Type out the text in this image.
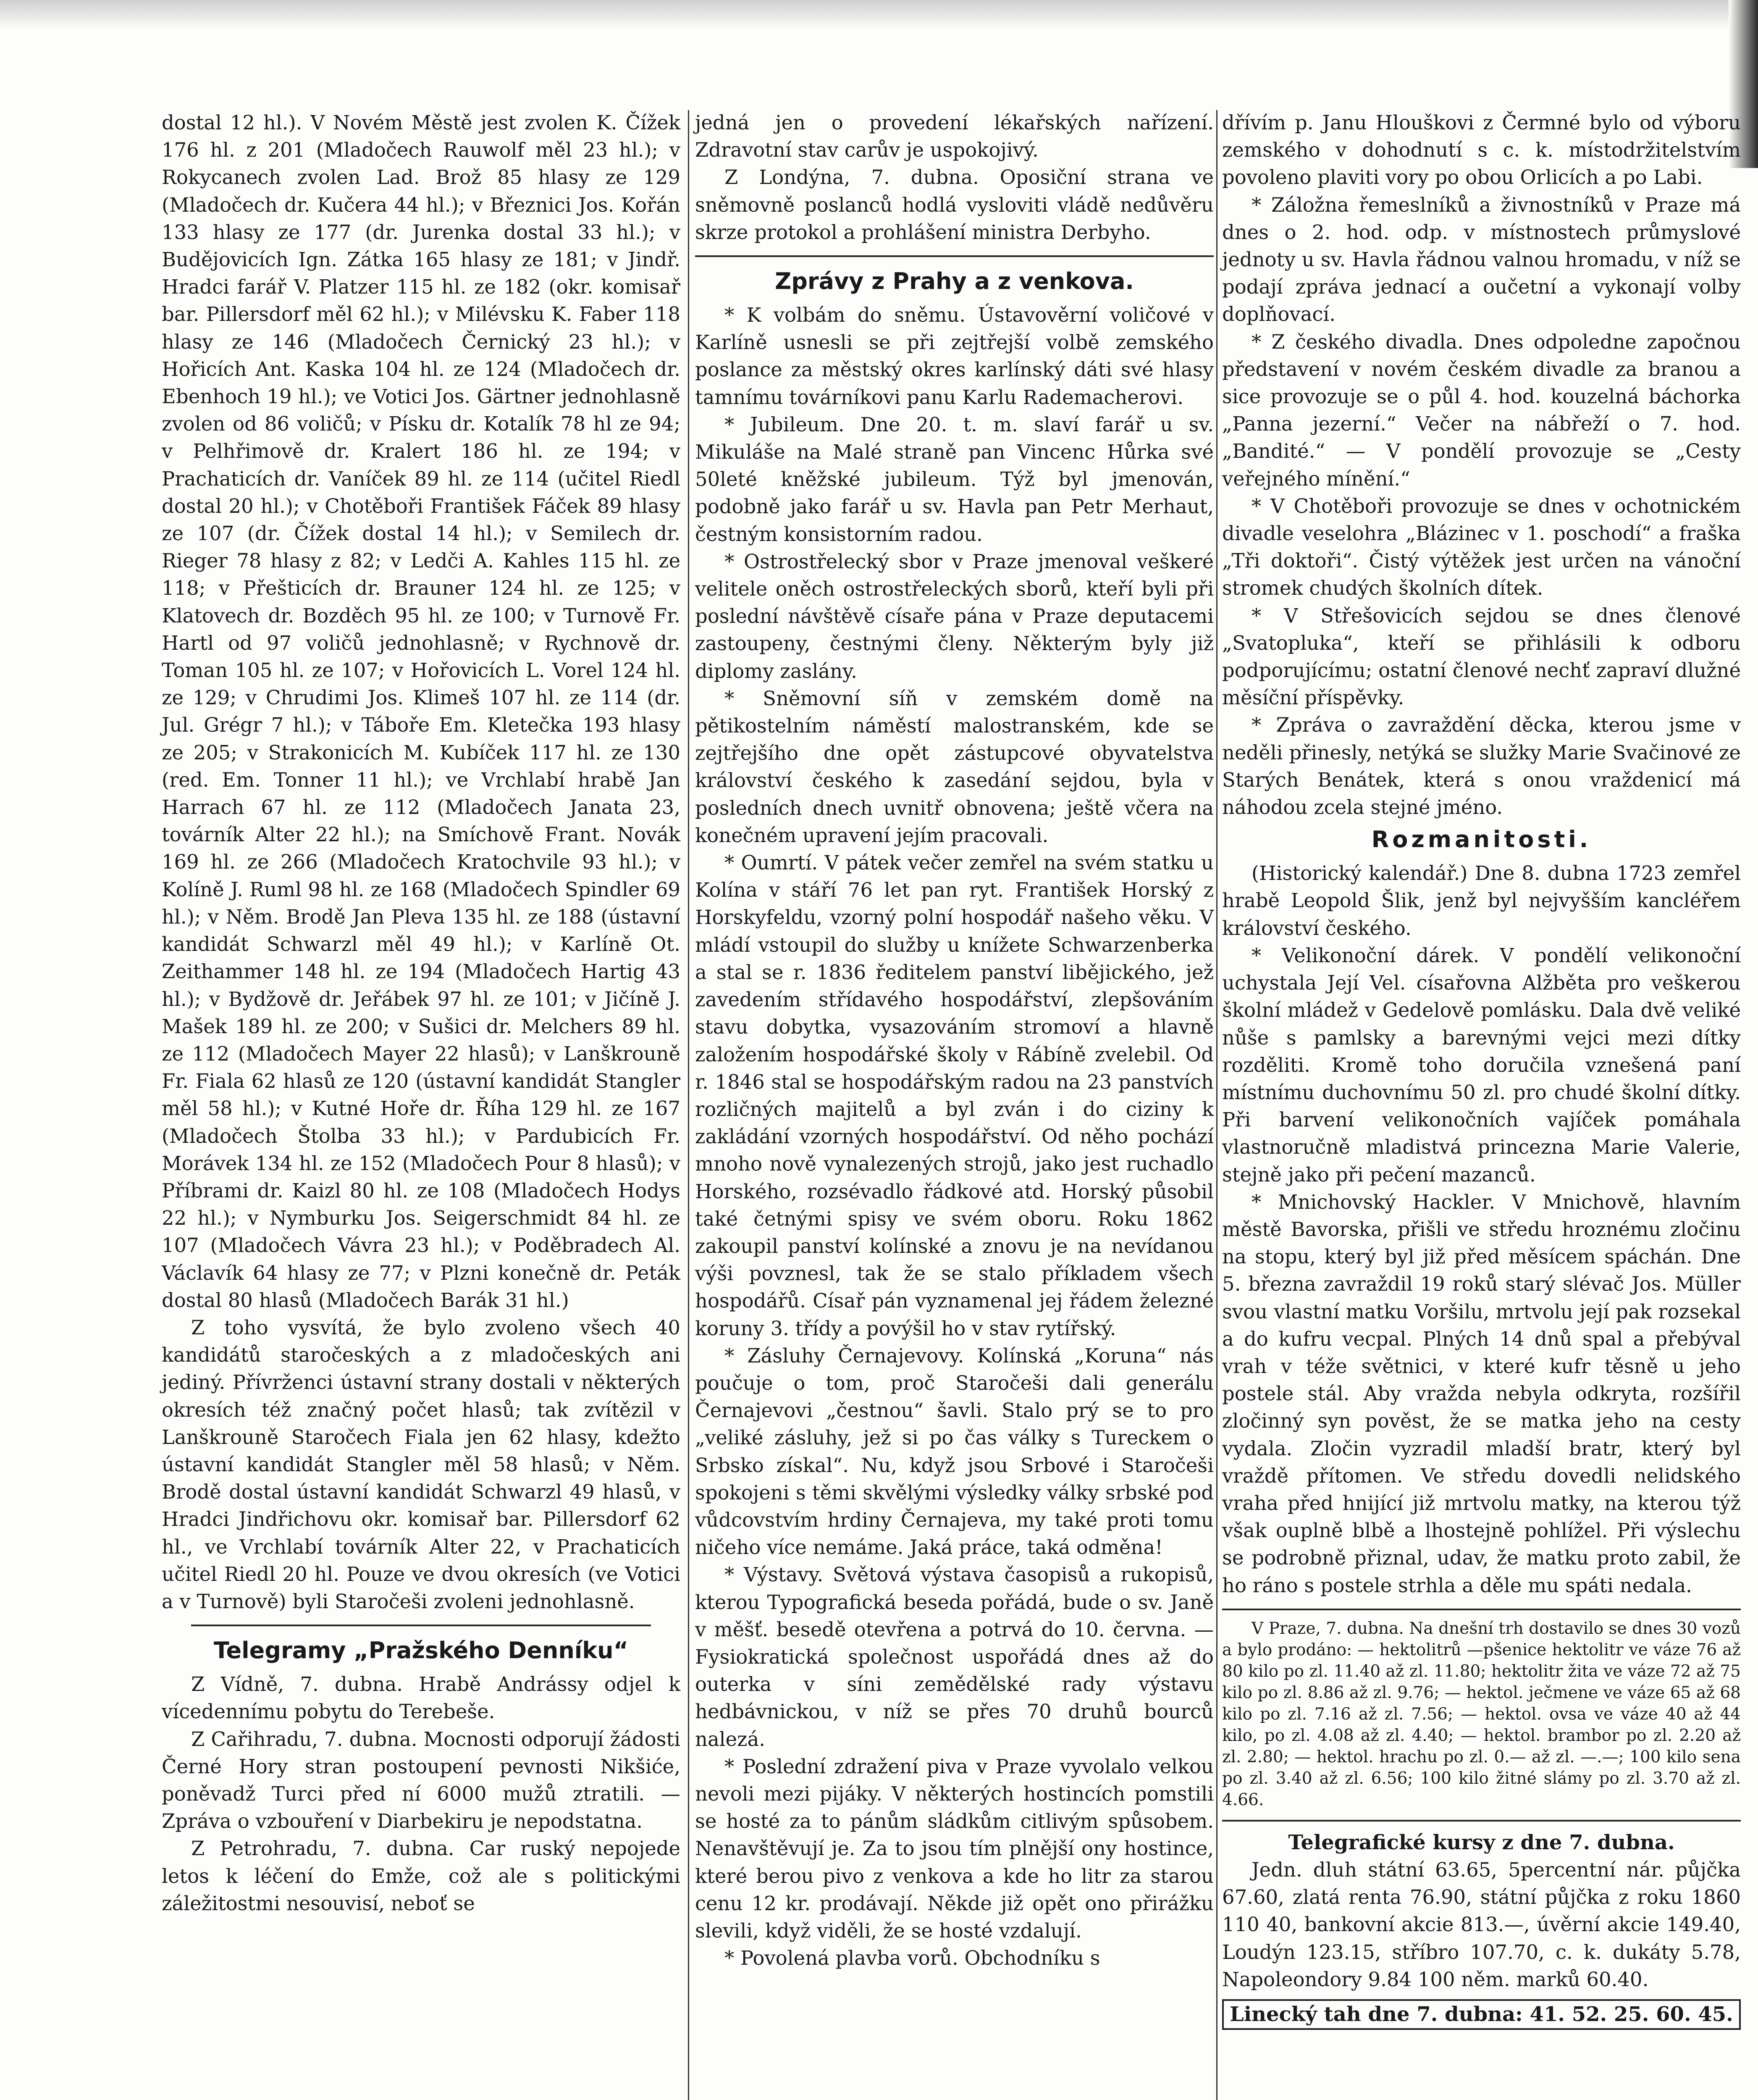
dostal 12 hl.). V Novém Městě jest zvolen K. Čížek 176 hl. z 201 (Mladočech Rauwolf měl 23 hl.); v Rokycanech zvolen Lad. Brož 85 hlasy ze 129 (Mladočech dr. Kučera 44 hl.); v Březnici Jos. Kořán 133 hlasy ze 177 (dr. Jurenka dostal 33 hl.); v Budějovicích Ign. Zátka 165 hlasy ze 181; v Jindř. Hradci farář V. Platzer 115 hl. ze 182 (okr. komisař bar. Pillersdorf měl 62 hl.); v Milévsku K. Faber 118 hlasy ze 146 (Mladočech Černický 23 hl.); v Hořicích Ant. Kaska 104 hl. ze 124 (Mladočech dr. Ebenhoch 19 hl.); ve Votici Jos. Gärtner jednohlasně zvolen od 86 voličů; v Písku dr. Kotalík 78 hl ze 94; v Pelhřimově dr. Kralert 186 hl. ze 194; v Prachaticích dr. Vaníček 89 hl. ze 114 (učitel Riedl dostal 20 hl.); v Chotěboři František Fáček 89 hlasy ze 107 (dr. Čížek dostal 14 hl.); v Semilech dr. Rieger 78 hlasy z 82; v Ledči A. Kahles 115 hl. ze 118; v Přešticích dr. Brauner 124 hl. ze 125; v Klatovech dr. Bozděch 95 hl. ze 100; v Turnově Fr. Hartl od 97 voličů jednohlasně; v Rychnově dr. Toman 105 hl. ze 107; v Hořovicích L. Vorel 124 hl. ze 129; v Chrudimi Jos. Klimeš 107 hl. ze 114 (dr. Jul. Grégr 7 hl.); v Táboře Em. Kletečka 193 hlasy ze 205; v Strakonicích M. Kubíček 117 hl. ze 130 (red. Em. Tonner 11 hl.); ve Vrchlabí hrabě Jan Harrach 67 hl. ze 112 (Mladočech Janata 23, továrník Alter 22 hl.); na Smíchově Frant. Novák 169 hl. ze 266 (Mladočech Kratochvile 93 hl.); v Kolíně J. Ruml 98 hl. ze 168 (Mladočech Spindler 69 hl.); v Něm. Brodě Jan Pleva 135 hl. ze 188 (ústavní kandidát Schwarzl měl 49 hl.); v Karlíně Ot. Zeithammer 148 hl. ze 194 (Mladočech Hartig 43 hl.); v Bydžově dr. Jeřábek 97 hl. ze 101; v Jičíně J. Mašek 189 hl. ze 200; v Sušici dr. Melchers 89 hl. ze 112 (Mladočech Mayer 22 hlasů); v Lanškrouně Fr. Fiala 62 hlasů ze 120 (ústavní kandidát Stangler měl 58 hl.); v Kutné Hoře dr. Říha 129 hl. ze 167 (Mladočech Štolba 33 hl.); v Pardubicích Fr. Morávek 134 hl. ze 152 (Mladočech Pour 8 hlasů); v Příbrami dr. Kaizl 80 hl. ze 108 (Mladočech Hodys 22 hl.); v Nymburku Jos. Seigerschmidt 84 hl. ze 107 (Mladočech Vávra 23 hl.); v Poděbradech Al. Václavík 64 hlasy ze 77; v Plzni konečně dr. Peták dostal 80 hlasů (Mladočech Barák 31 hl.)

Z toho vysvítá, že bylo zvoleno všech 40 kandidátů staročeských a z mladočeských ani jediný. Přívrženci ústavní strany dostali v některých okresích též značný počet hlasů; tak zvítězil v Lanškrouně Staročech Fiala jen 62 hlasy, kdežto ústavní kandidát Stangler měl 58 hlasů; v Něm. Brodě dostal ústavní kandidát Schwarzl 49 hlasů, v Hradci Jindřichovu okr. komisař bar. Pillersdorf 62 hl., ve Vrchlabí továrník Alter 22, v Prachaticích učitel Riedl 20 hl. Pouze ve dvou okresích (ve Votici a v Turnově) byli Staročeši zvoleni jednohlasně.

Telegramy „Pražského Denníku“

Z Vídně, 7. dubna. Hrabě Andrássy odjel k vícedennímu pobytu do Terebeše.

Z Cařihradu, 7. dubna. Mocnosti odporují žádosti Černé Hory stran postoupení pevnosti Nikšiće, poněvadž Turci před ní 6000 mužů ztratili. — Zpráva o vzbouření v Diarbekiru je nepodstatna.

Z Petrohradu, 7. dubna. Car ruský nepojede letos k léčení do Emže, což ale s politickými záležitostmi nesouvisí, neboť se

jedná jen o provedení lékařských nařízení. Zdravotní stav carův je uspokojivý.

Z Londýna, 7. dubna. Oposiční strana ve sněmovně poslanců hodlá vysloviti vládě nedůvěru skrze protokol a prohlášení ministra Derbyho.

Zprávy z Prahy a z venkova.

* K volbám do sněmu. Ústavověrní voličové v Karlíně usnesli se při zejtřejší volbě zemského poslance za městský okres karlínský dáti své hlasy tamnímu továrníkovi panu Karlu Rademacherovi.

* Jubileum. Dne 20. t. m. slaví farář u sv. Mikuláše na Malé straně pan Vincenc Hůrka své 50leté kněžské jubileum. Týž byl jmenován, podobně jako farář u sv. Havla pan Petr Merhaut, čestným konsistorním radou.

* Ostrostřelecký sbor v Praze jmenoval veškeré velitele oněch ostrostřeleckých sborů, kteří byli při poslední návštěvě císaře pána v Praze deputacemi zastoupeny, čestnými členy. Některým byly již diplomy zaslány.

* Sněmovní síň v zemském domě na pětikostelním náměstí malostranském, kde se zejtřejšího dne opět zástupcové obyvatelstva království českého k zasedání sejdou, byla v posledních dnech uvnitř obnovena; ještě včera na konečném upravení jejím pracovali.

* Oumrtí. V pátek večer zemřel na svém statku u Kolína v stáří 76 let pan ryt. František Horský z Horskyfeldu, vzorný polní hospodář našeho věku. V mládí vstoupil do služby u knížete Schwarzenberka a stal se r. 1836 ředitelem panství libějického, jež zavedením střídavého hospodářství, zlepšováním stavu dobytka, vysazováním stromoví a hlavně založením hospodářské školy v Rábíně zvelebil. Od r. 1846 stal se hospodářským radou na 23 panstvích rozličných majitelů a byl zván i do ciziny k zakládání vzorných hospodářství. Od něho pochází mnoho nově vynalezených strojů, jako jest ruchadlo Horského, rozsévadlo řádkové atd. Horský působil také četnými spisy ve svém oboru. Roku 1862 zakoupil panství kolínské a znovu je na nevídanou výši povznesl, tak že se stalo příkladem všech hospodářů. Císař pán vyznamenal jej řádem železné koruny 3. třídy a povýšil ho v stav rytířský.

* Zásluhy Černajevovy. Kolínská „Koruna“ nás poučuje o tom, proč Staročeši dali generálu Černajevovi „čestnou“ šavli. Stalo prý se to pro „veliké zásluhy, jež si po čas války s Tureckem o Srbsko získal“. Nu, když jsou Srbové i Staročeši spokojeni s těmi skvělými výsledky války srbské pod vůdcovstvím hrdiny Černajeva, my také proti tomu ničeho více nemáme. Jaká práce, taká odměna!

* Výstavy. Světová výstava časopisů a rukopisů, kterou Typografická beseda pořádá, bude o sv. Janě v měšť. besedě otevřena a potrvá do 10. června. — Fysiokratická společnost uspořádá dnes až do outerka v síni zemědělské rady výstavu hedbávnickou, v níž se přes 70 druhů bourců nalezá.

* Poslední zdražení piva v Praze vyvolalo velkou nevoli mezi pijáky. V některých hostincích pomstili se hosté za to pánům sládkům citlivým spůsobem. Nenavštěvují je. Za to jsou tím plnější ony hostince, které berou pivo z venkova a kde ho litr za starou cenu 12 kr. prodávají. Někde již opět ono přirážku slevili, když viděli, že se hosté vzdalují.

* Povolená plavba vorů. Obchodníku s

dřívím p. Janu Hlouškovi z Čermné bylo od výboru zemského v dohodnutí s c. k. místodržitelstvím povoleno plaviti vory po obou Orlicích a po Labi.

* Záložna řemeslníků a živnostníků v Praze má dnes o 2. hod. odp. v místnostech průmyslové jednoty u sv. Havla řádnou valnou hromadu, v níž se podají zpráva jednací a oučetní a vykonají volby doplňovací.

* Z českého divadla. Dnes odpoledne započnou představení v novém českém divadle za branou a sice provozuje se o půl 4. hod. kouzelná báchorka „Panna jezerní.“ Večer na nábřeží o 7. hod. „Bandité.“ — V pondělí provozuje se „Cesty veřejného mínění.“

* V Chotěboři provozuje se dnes v ochotnickém divadle veselohra „Blázinec v 1. poschodí“ a fraška „Tři doktoři“. Čistý výtěžek jest určen na vánoční stromek chudých školních dítek.

* V Střešovicích sejdou se dnes členové „Svatopluka“, kteří se přihlásili k odboru podporujícímu; ostatní členové nechť zapraví dlužné měsíční příspěvky.

* Zpráva o zavraždění děcka, kterou jsme v neděli přinesly, netýká se služky Marie Svačinové ze Starých Benátek, která s onou vraždenicí má náhodou zcela stejné jméno.

Rozmanitosti.

(Historický kalendář.) Dne 8. dubna 1723 zemřel hrabě Leopold Šlik, jenž byl nejvyšším kancléřem království českého.

* Velikonoční dárek. V pondělí velikonoční uchystala Její Vel. císařovna Alžběta pro veškerou školní mládež v Gedelově pomlásku. Dala dvě veliké nůše s pamlsky a barevnými vejci mezi dítky rozděliti. Kromě toho doručila vznešená paní místnímu duchovnímu 50 zl. pro chudé školní dítky. Při barvení velikonočních vajíček pomáhala vlastnoručně mladistvá princezna Marie Valerie, stejně jako při pečení mazanců.

* Mnichovský Hackler. V Mnichově, hlavním městě Bavorska, přišli ve středu hroznému zločinu na stopu, který byl již před měsícem spáchán. Dne 5. března zavraždil 19 roků starý slévač Jos. Müller svou vlastní matku Voršilu, mrtvolu její pak rozsekal a do kufru vecpal. Plných 14 dnů spal a přebýval vrah v téže světnici, v které kufr těsně u jeho postele stál. Aby vražda nebyla odkryta, rozšířil zločinný syn pověst, že se matka jeho na cesty vydala. Zločin vyzradil mladší bratr, který byl vraždě přítomen. Ve středu dovedli nelidského vraha před hnijící již mrtvolu matky, na kterou týž však ouplně blbě a lhostejně pohlížel. Při výslechu se podrobně přiznal, udav, že matku proto zabil, že ho ráno s postele strhla a děle mu spáti nedala.

V Praze, 7. dubna. Na dnešní trh dostavilo se dnes 30 vozů a bylo prodáno: — hektolitrů —pšenice hektolitr ve váze 76 až 80 kilo po zl. 11.40 až zl. 11.80; hektolitr žita ve váze 72 až 75 kilo po zl. 8.86 až zl. 9.76; — hektol. ječmene ve váze 65 až 68 kilo po zl. 7.16 až zl. 7.56; — hektol. ovsa ve váze 40 až 44 kilo, po zl. 4.08 až zl. 4.40; — hektol. brambor po zl. 2.20 až zl. 2.80; — hektol. hrachu po zl. 0.— až zl. —.—; 100 kilo sena po zl. 3.40 až zl. 6.56; 100 kilo žitné slámy po zl. 3.70 až zl. 4.66.

Telegrafické kursy z dne 7. dubna.

Jedn. dluh státní 63.65, 5percentní nár. půjčka 67.60, zlatá renta 76.90, státní půjčka z roku 1860 110 40, bankovní akcie 813.—, úvěrní akcie 149.40, Loudýn 123.15, stříbro 107.70, c. k. dukáty 5.78, Napoleondory 9.84 100 něm. marků 60.40.

Linecký tah dne 7. dubna: 41. 52. 25. 60. 45.
